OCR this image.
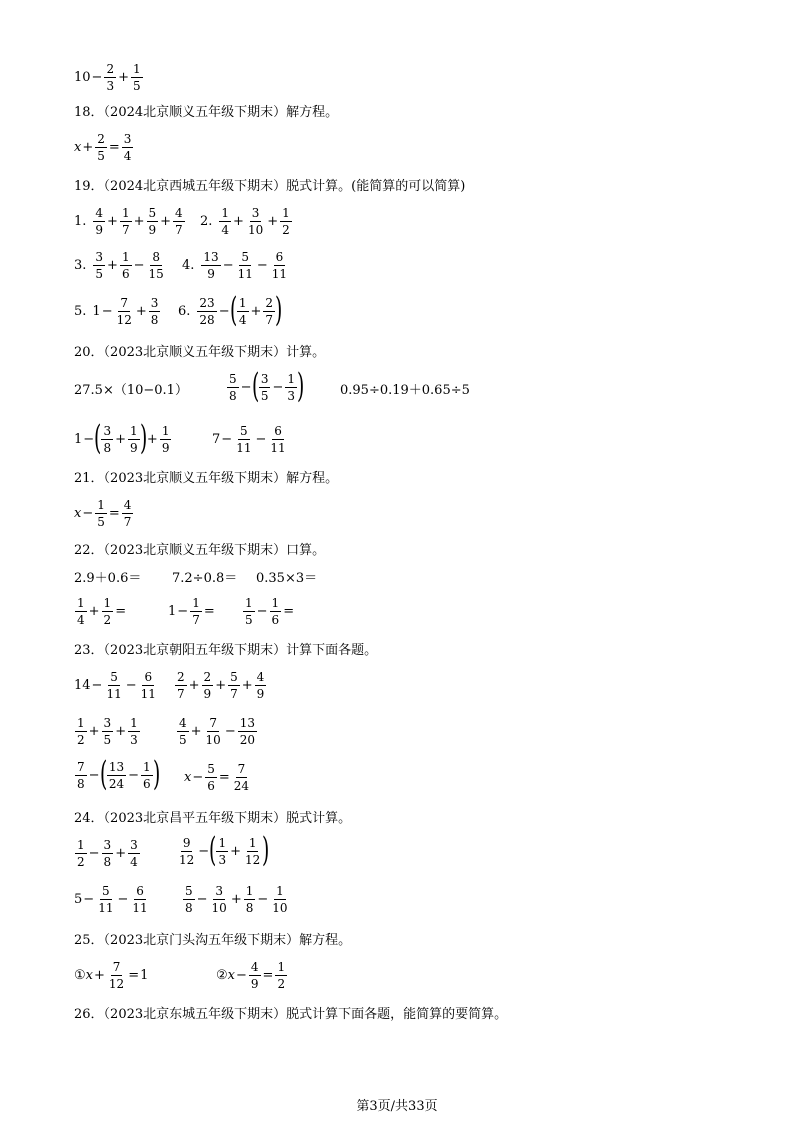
$10 - \frac{2}{3} + \frac{1}{5}$
18．（2024北京顺义五年级下期末）解方程。
$x + \frac{2}{5} = \frac{3}{4}$
19．（2024北京西城五年级下期末）脱式计算。(能简算的可以简算)
1. $\frac{4}{9} + \frac{1}{7} + \frac{5}{9} + \frac{4}{7} 2$. $\frac{1}{4} + \frac{3}{10} + \frac{1}{2}$
3. $\frac{3}{5} + \frac{1}{6} - \frac{8}{15} 4$. $\frac{13}{9} - \frac{5}{11} - \frac{6}{11}$
5. $1 - \frac{7}{12} + \frac{3}{8} 6$. $\frac{23}{28}$ − ( $\frac{1}{4} + \frac{2}{7}$ )
20．（2023北京顺义五年级下期末）计算。
27.5×（10−0.1）	$\frac{5}{8}$ − ( $\frac{3}{5} - \frac{1}{3}$ )	0.95÷0.19＋0.65÷5
1 − ( $\frac{3}{8} + \frac{1}{9}$ ) + $\frac{1}{9}$	$7 - \frac{5}{11} - \frac{6}{11}$
21．（2023北京顺义五年级下期末）解方程。
$x - \frac{1}{5} = \frac{4}{7}$
22．（2023北京顺义五年级下期末）口算。
2.9＋0.6＝ 7.2÷0.8＝ 0.35×3＝
$\frac{1}{4} + \frac{1}{2}$ =	$1 - \frac{1}{7} = \frac{1}{5} - \frac{1}{6}$ =
23．（2023北京朝阳五年级下期末）计算下面各题。
$14 - \frac{5}{11} - \frac{6}{11} \frac{2}{7} + \frac{2}{9} + \frac{5}{7} + \frac{4}{9}$
$\frac{1}{2} + \frac{3}{5} + \frac{1}{3}$	$\frac{4}{5} + \frac{7}{10} - \frac{13}{20}$
$\frac{7}{8}$ − ( $\frac{13}{24} - \frac{1}{6}$ ) $x - \frac{5}{6} = \frac{7}{24}$
24．（2023北京昌平五年级下期末）脱式计算。
$\frac{1}{2} - \frac{3}{8} + \frac{3}{4}$	$\frac{9}{12}$ − ( $\frac{1}{3} + \frac{1}{12}$ )
$5 - \frac{5}{11} - \frac{6}{11}$	$\frac{5}{8} - \frac{3}{10} + \frac{1}{8} - \frac{1}{10}$
25．（2023北京门头沟五年级下期末）解方程。
① $x + \frac{7}{12} = 1$	② $x - \frac{4}{9} = \frac{1}{2}$
26．（2023北京东城五年级下期末）脱式计算下面各题，能简算的要简算。
第3页/共33页
